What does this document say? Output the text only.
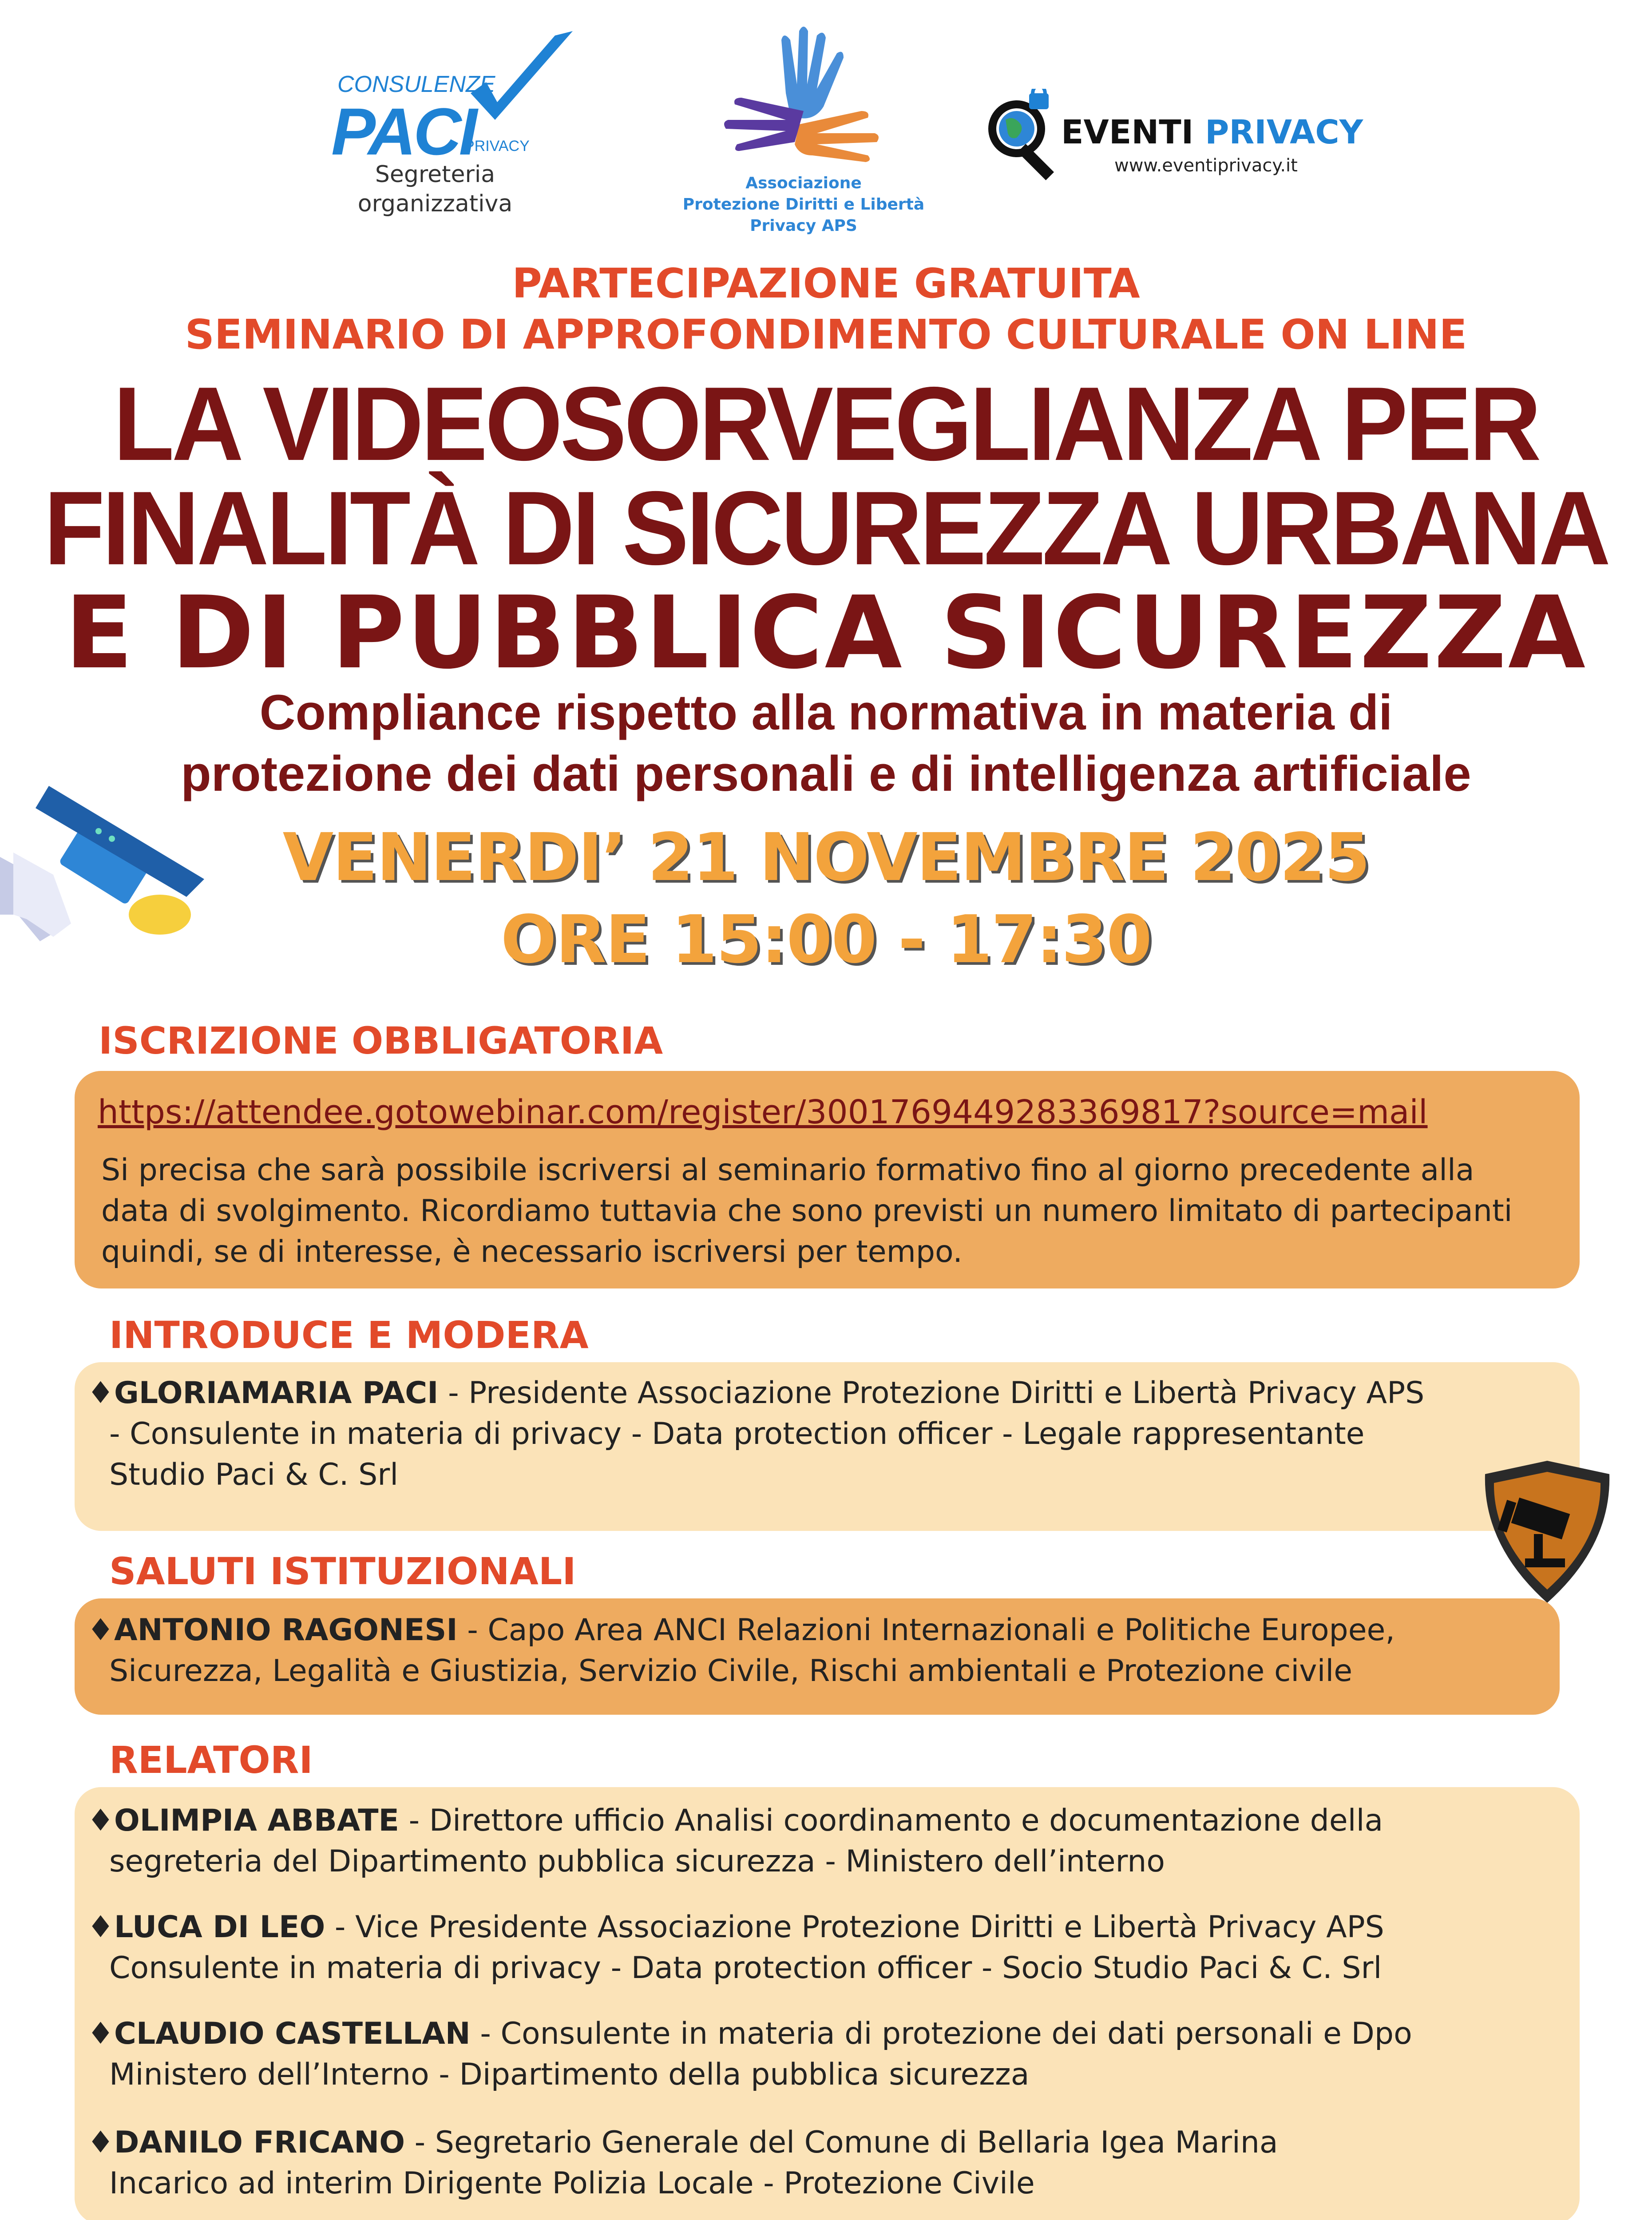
CONSULENZE
PACI
PRIVACY
Segreteria
organizzativa
Associazione
Protezione Diritti e Libertà
Privacy APS
EVENTI PRIVACY
www.eventiprivacy.it
PARTECIPAZIONE GRATUITA
SEMINARIO DI APPROFONDIMENTO CULTURALE ON LINE
LA VIDEOSORVEGLIANZA PER
FINALITÀ DI SICUREZZA URBANA
E DI PUBBLICA SICUREZZA
Compliance rispetto alla normativa in materia di
protezione dei dati personali e di intelligenza artificiale
VENERDI’ 21 NOVEMBRE 2025
ORE 15:00 - 17:30
ISCRIZIONE OBBLIGATORIA
https://attendee.gotowebinar.com/register/3001769449283369817?source=mail
Si precisa che sarà possibile iscriversi al seminario formativo fino al giorno precedente alla
data di svolgimento. Ricordiamo tuttavia che sono previsti un numero limitato di partecipanti
quindi, se di interesse, è necessario iscriversi per tempo.
INTRODUCE E MODERA
♦GLORIAMARIA PACI - Presidente Associazione Protezione Diritti e Libertà Privacy APS
- Consulente in materia di privacy - Data protection officer - Legale rappresentante
Studio Paci & C. Srl
SALUTI ISTITUZIONALI
♦ANTONIO RAGONESI - Capo Area ANCI Relazioni Internazionali e Politiche Europee,
Sicurezza, Legalità e Giustizia, Servizio Civile, Rischi ambientali e Protezione civile
RELATORI
♦OLIMPIA ABBATE - Direttore ufficio Analisi coordinamento e documentazione della
segreteria del Dipartimento pubblica sicurezza - Ministero dell’interno
♦LUCA DI LEO - Vice Presidente Associazione Protezione Diritti e Libertà Privacy APS
Consulente in materia di privacy - Data protection officer - Socio Studio Paci & C. Srl
♦CLAUDIO CASTELLAN - Consulente in materia di protezione dei dati personali e Dpo
Ministero dell’Interno - Dipartimento della pubblica sicurezza
♦DANILO FRICANO - Segretario Generale del Comune di Bellaria Igea Marina
Incarico ad interim Dirigente Polizia Locale - Protezione Civile
